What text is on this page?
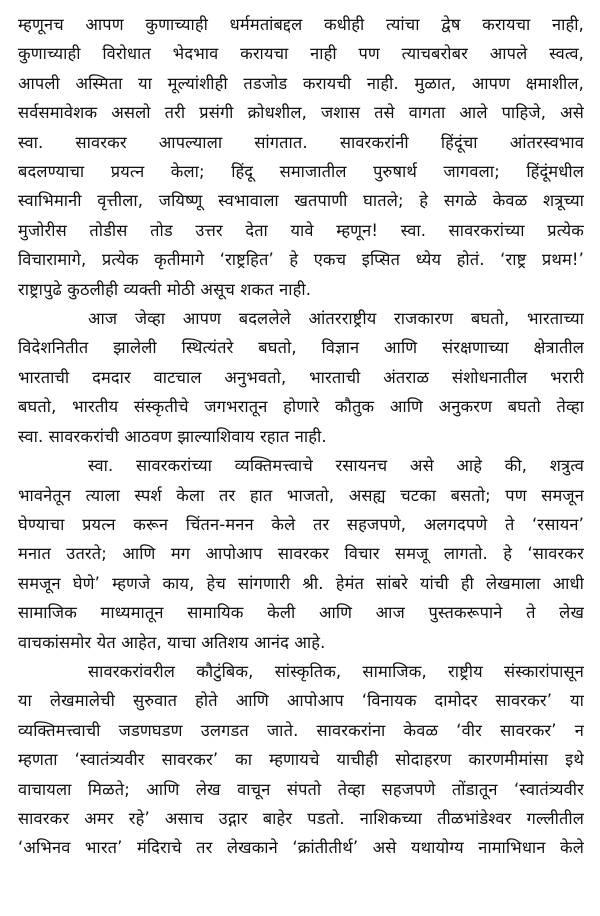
म्हणूनच आपण कुणाच्याही धर्ममतांबद्दल कधीही त्यांचा द्वेष करायचा नाही,
कुणाच्याही विरोधात भेदभाव करायचा नाही पण त्याचबरोबर आपले स्वत्व,
आपली अस्मिता या मूल्यांशीही तडजोड करायची नाही. मुळात, आपण क्षमाशील,
सर्वसमावेशक असलो तरी प्रसंगी क्रोधशील, जशास तसे वागता आले पाहिजे, असे
स्वा. सावरकर आपल्याला सांगतात. सावरकरांनी हिंदूंचा आंतरस्वभाव
बदलण्याचा प्रयत्न केला; हिंदू समाजातील पुरुषार्थ जागवला; हिंदूंमधील
स्वाभिमानी वृत्तीला, जयिष्णू स्वभावाला खतपाणी घातले; हे सगळे केवळ शत्रूच्या
मुजोरीस तोडीस तोड उत्तर देता यावे म्हणून! स्वा. सावरकरांच्या प्रत्येक
विचारामागे, प्रत्येक कृतीमागे ‘राष्ट्रहित’ हे एकच इप्सित ध्येय होतं. ‘राष्ट्र प्रथम!’
राष्ट्रापुढे कुठलीही व्यक्ती मोठी असूच शकत नाही.
आज जेव्हा आपण बदललेले आंतरराष्ट्रीय राजकारण बघतो, भारताच्या
विदेशनितीत झालेली स्थित्यंतरे बघतो, विज्ञान आणि संरक्षणाच्या क्षेत्रातील
भारताची दमदार वाटचाल अनुभवतो, भारताची अंतराळ संशोधनातील भरारी
बघतो, भारतीय संस्कृतीचे जगभरातून होणारे कौतुक आणि अनुकरण बघतो तेव्हा
स्वा. सावरकरांची आठवण झाल्याशिवाय रहात नाही.
स्वा. सावरकरांच्या व्यक्तिमत्त्वाचे रसायनच असे आहे की, शत्रुत्व
भावनेतून त्याला स्पर्श केला तर हात भाजतो, असह्य चटका बसतो; पण समजून
घेण्याचा प्रयत्न करून चिंतन-मनन केले तर सहजपणे, अलगदपणे ते ‘रसायन’
मनात उतरते; आणि मग आपोआप सावरकर विचार समजू लागतो. हे ‘सावरकर
समजून घेणे’ म्हणजे काय, हेच सांगणारी श्री. हेमंत सांबरे यांची ही लेखमाला आधी
सामाजिक माध्यमातून सामायिक केली आणि आज पुस्तकरूपाने ते लेख
वाचकांसमोर येत आहेत, याचा अतिशय आनंद आहे.
सावरकरांवरील कौटुंबिक, सांस्कृतिक, सामाजिक, राष्ट्रीय संस्कारांपासून
या लेखमालेची सुरुवात होते आणि आपोआप ‘विनायक दामोदर सावरकर’ या
व्यक्तिमत्त्वाची जडणघडण उलगडत जाते. सावरकरांना केवळ ‘वीर सावरकर’ न
म्हणता ‘स्वातंत्र्यवीर सावरकर’ का म्हणायचे याचीही सोदाहरण कारणमीमांसा इथे
वाचायला मिळते; आणि लेख वाचून संपतो तेव्हा सहजपणे तोंडातून ‘स्वातंत्र्यवीर
सावरकर अमर रहे’ असाच उद्गार बाहेर पडतो. नाशिकच्या तीळभांडेश्वर गल्लीतील
‘अभिनव भारत’ मंदिराचे तर लेखकाने ‘क्रांतीतीर्थ’ असे यथायोग्य नामाभिधान केले
